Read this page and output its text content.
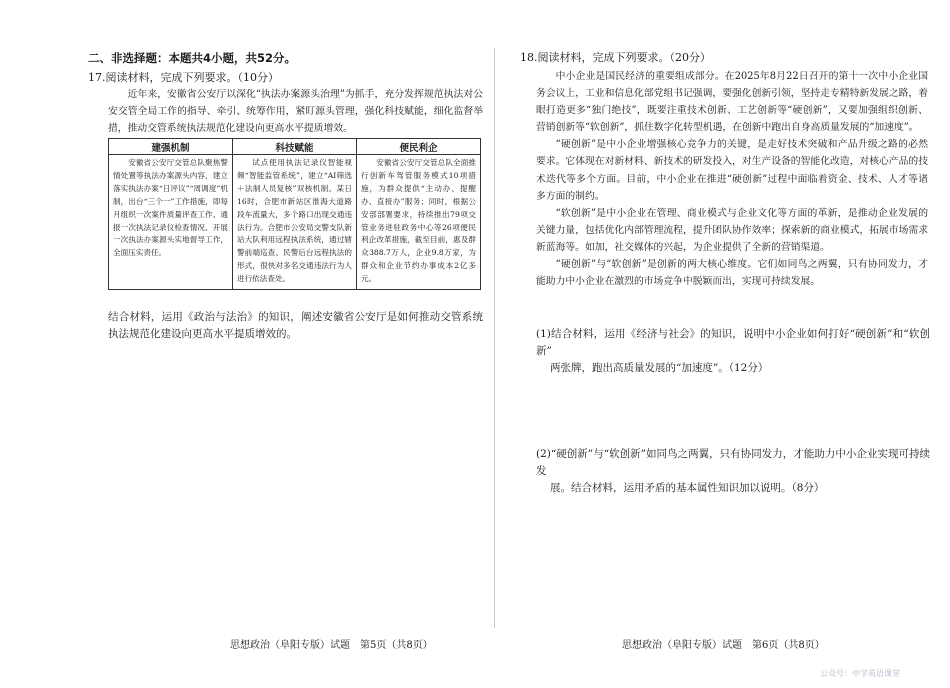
二、非选择题：本题共4小题，共52分。
17.阅读材料，完成下列要求。（10分）

近年来，安徽省公安厅以深化“执法办案源头治理”为抓手，充分发挥规范执法对公安交管全局工作的指导、牵引、统筹作用，紧盯源头管理，强化科技赋能，细化监督举措，推动交管系统执法规范化建设向更高水平提质增效。

建强机制	科技赋能	便民利企
安徽省公安厅交管总队聚焦警情处置等执法办案源头内容，建立落实执法办案“日评议”“周调度”机制，出台“三个一”工作措施，即每月组织一次案件质量评查工作、通报一次执法记录仪检查情况、开展一次执法办案源头实地督导工作，全面压实责任。	试点使用执法记录仪智能视频“智能监管系统”，建立“AI筛选＋法制人员复核”双核机制。某日16时，合肥市新站区淮海大道路段车流量大，多个路口出现交通违法行为。合肥市公安局交警支队新站大队利用远程执法系统，通过辖警前端巡查、民警后台远程执法的形式，很快对多名交通违法行为人进行依法查处。	安徽省公安厅交管总队全面推行创新车驾管服务模式10项措施，为群众提供“主动办、提醒办、直接办”服务；同时，根据公安部部署要求，持续推出79项交管业务进驻政务中心等26项便民利企改革措施，截至目前，惠及群众388.7万人，企业9.8万家，为群众和企业节约办事成本2亿多元。

结合材料，运用《政治与法治》的知识，阐述安徽省公安厅是如何推动交管系统执法规范化建设向更高水平提质增效的。

思想政治（阜阳专版）试题　第5页（共8页）
18.阅读材料，完成下列要求。（20分）

中小企业是国民经济的重要组成部分。在2025年8月22日召开的第十一次中小企业国务会议上，工业和信息化部党组书记强调，要强化创新引领，坚持走专精特新发展之路，着眼打造更多“独门绝技”，既要注重技术创新、工艺创新等“硬创新”，又要加强组织创新、营销创新等“软创新”，抓住数字化转型机遇，在创新中跑出自身高质量发展的“加速度”。

“硬创新”是中小企业增强核心竞争力的关键，是走好技术突破和产品升级之路的必然要求。它体现在对新材料、新技术的研发投入，对生产设备的智能化改造，对核心产品的技术迭代等多个方面。目前，中小企业在推进“硬创新”过程中面临着资金、技术、人才等诸多方面的制约。

“软创新”是中小企业在管理、商业模式与企业文化等方面的革新，是推动企业发展的关键力量，包括优化内部管理流程，提升团队协作效率；探索新的商业模式，拓展市场需求新蓝海等。如加，社交媒体的兴起，为企业提供了全新的营销渠道。

“硬创新”与“软创新”是创新的两大核心维度。它们如同鸟之两翼，只有协同发力，才能助力中小企业在激烈的市场竞争中脱颖而出，实现可持续发展。

(1)结合材料，运用《经济与社会》的知识，说明中小企业如何打好“硬创新”和“软创新”

两张牌，跑出高质量发展的“加速度”。（12分）

(2)“硬创新”与“软创新”如同鸟之两翼，只有协同发力，才能助力中小企业实现可持续发

展。结合材料，运用矛盾的基本属性知识加以说明。（8分）

思想政治（阜阳专版）试题　第6页（共8页）
公众号：中学英语课堂
